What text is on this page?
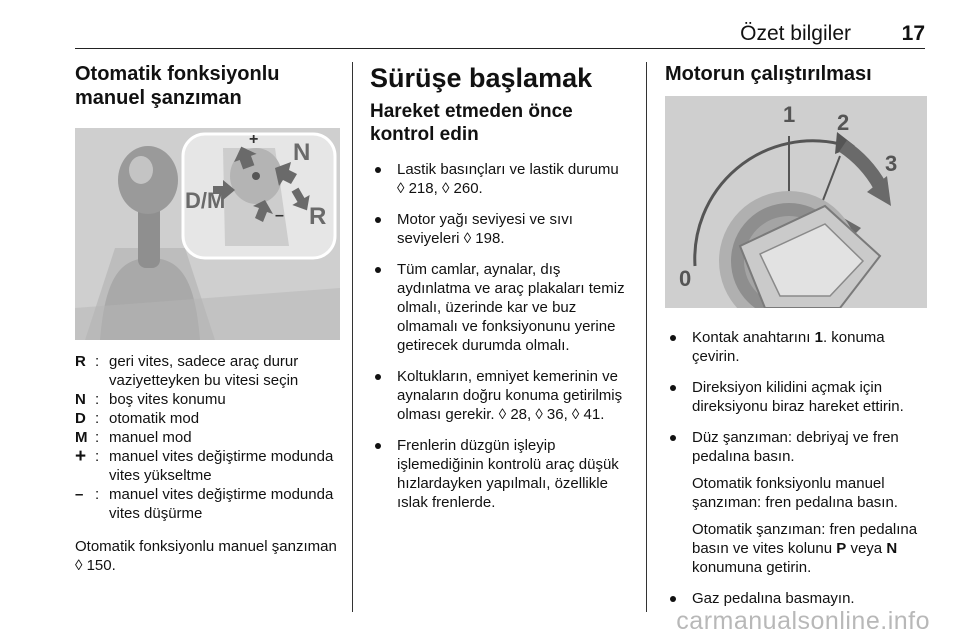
Özet bilgiler 17
Otomatik fonksiyonlu manuel şanzıman
D/M
N
R
+
–
R : geri vites, sadece araç durur vaziyetteyken bu vitesi seçin
N : boş vites konumu
D : otomatik mod
M : manuel mod
+ : manuel vites değiştirme modunda vites yükseltme
– : manuel vites değiştirme modunda vites düşürme

Otomatik fonksiyonlu manuel şanzıman ◊ 150.

Sürüşe başlamak
Hareket etmeden önce kontrol edin
Lastik basınçları ve lastik durumu
◊ 218, ◊ 260.
Motor yağı seviyesi ve sıvı seviyeleri ◊ 198.
Tüm camlar, aynalar, dış aydınlatma ve araç plakaları temiz olmalı, üzerinde kar ve buz olmamalı ve fonksiyonunu yerine getirecek durumda olmalı.
Koltukların, emniyet kemerinin ve aynaların doğru konuma getirilmiş olması gerekir. ◊ 28, ◊ 36, ◊ 41.
Frenlerin düzgün işleyip işlemediğinin kontrolü araç düşük hızlardayken yapılmalı, özellikle ıslak frenlerde.
Motorun çalıştırılması
0
1 2
3
Kontak anahtarını 1. konuma çevirin.
Direksiyon kilidini açmak için direksiyonu biraz hareket ettirin.
Düz şanzıman: debriyaj ve fren pedalına basın.

Otomatik fonksiyonlu manuel şanzıman: fren pedalına basın.

Otomatik şanzıman: fren pedalına basın ve vites kolunu P veya N konumuna getirin.

Gaz pedalına basmayın.
carmanualsonline.info
